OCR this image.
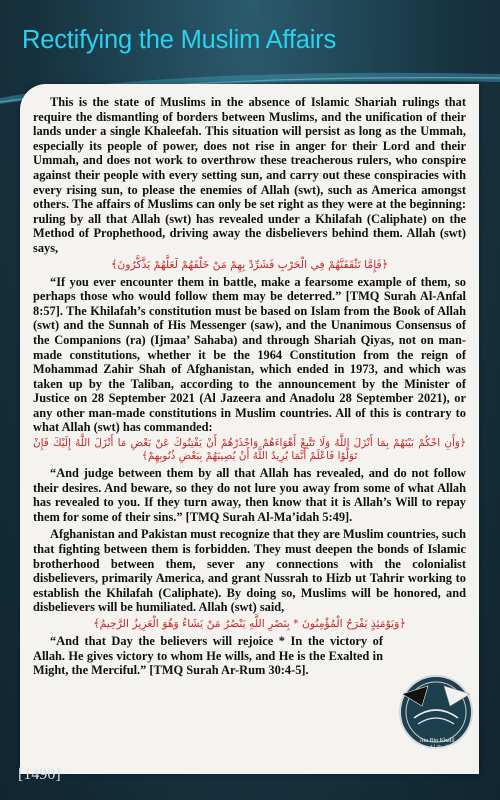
Rectifying the Muslim Affairs

This is the state of Muslims in the absence of Islamic Shariah rulings that require the dismantling of borders between Muslims, and the unification of their lands under a single Khaleefah. This situation will persist as long as the Ummah, especially its people of power, does not rise in anger for their Lord and their Ummah, and does not work to overthrow these treacherous rulers, who conspire against their people with every setting sun, and carry out these conspiracies with every rising sun, to please the enemies of Allah (swt), such as America amongst others. The affairs of Muslims can only be set right as they were at the beginning: ruling by all that Allah (swt) has revealed under a Khilafah (Caliphate) on the Method of Prophethood, driving away the disbelievers behind them. Allah (swt) says,

﴿فَإِمَّا تَثْقَفَنَّهُمْ فِي الْحَرْبِ فَشَرِّدْ بِهِمْ مَنْ خَلْفَهُمْ لَعَلَّهُمْ يَذَّكَّرُونَ﴾

“If you ever encounter them in battle, make a fearsome example of them, so perhaps those who would follow them may be deterred.” [TMQ Surah Al-Anfal 8:57]. The Khilafah’s constitution must be based on Islam from the Book of Allah (swt) and the Sunnah of His Messenger (saw), and the Unanimous Consensus of the Companions (ra) (Ijmaa’ Sahaba) and through Shariah Qiyas, not on man-made constitutions, whether it be the 1964 Constitution from the reign of Mohammad Zahir Shah of Afghanistan, which ended in 1973, and which was taken up by the Taliban, according to the announcement by the Minister of Justice on 28 September 2021 (Al Jazeera and Anadolu 28 September 2021), or any other man-made constitutions in Muslim countries. All of this is contrary to what Allah (swt) has commanded:

﴿وَأَنِ احْكُمْ بَيْنَهُمْ بِمَا أَنْزَلَ اللَّهُ وَلَا تَتَّبِعْ أَهْوَاءَهُمْ وَاحْذَرْهُمْ أَنْ يَفْتِنُوكَ عَنْ بَعْضِ مَا أَنْزَلَ اللَّهُ إِلَيْكَ فَإِنْ تَوَلَّوْا فَاعْلَمْ أَنَّمَا يُرِيدُ اللَّهُ أَنْ يُصِيبَهُمْ بِبَعْضِ ذُنُوبِهِمْ﴾

“And judge between them by all that Allah has revealed, and do not follow their desires. And beware, so they do not lure you away from some of what Allah has revealed to you. If they turn away, then know that it is Allah’s Will to repay them for some of their sins.” [TMQ Surah Al-Ma’idah 5:49].

Afghanistan and Pakistan must recognize that they are Muslim countries, such that fighting between them is forbidden. They must deepen the bonds of Islamic brotherhood between them, sever any connections with the colonialist disbelievers, primarily America, and grant Nussrah to Hizb ut Tahrir working to establish the Khilafah (Caliphate). By doing so, Muslims will be honored, and disbelievers will be humiliated. Allah (swt) said,

﴿وَيَوْمَئِذٍ يَفْرَحُ الْمُؤْمِنُونَ * بِنَصْرِ اللَّهِ يَنْصُرُ مَنْ يَشَاءُ وَهُوَ الْعَزِيزُ الرَّحِيمُ﴾

“And that Day the believers will rejoice * In the victory of Allah. He gives victory to whom He wills, and He is the Exalted in Might, the Merciful.” [TMQ Surah Ar-Rum 30:4-5].

Ata Bin Khalil
Abu Al-Rashtah
Ameer of Hizb ut Tahrir
[1490]
